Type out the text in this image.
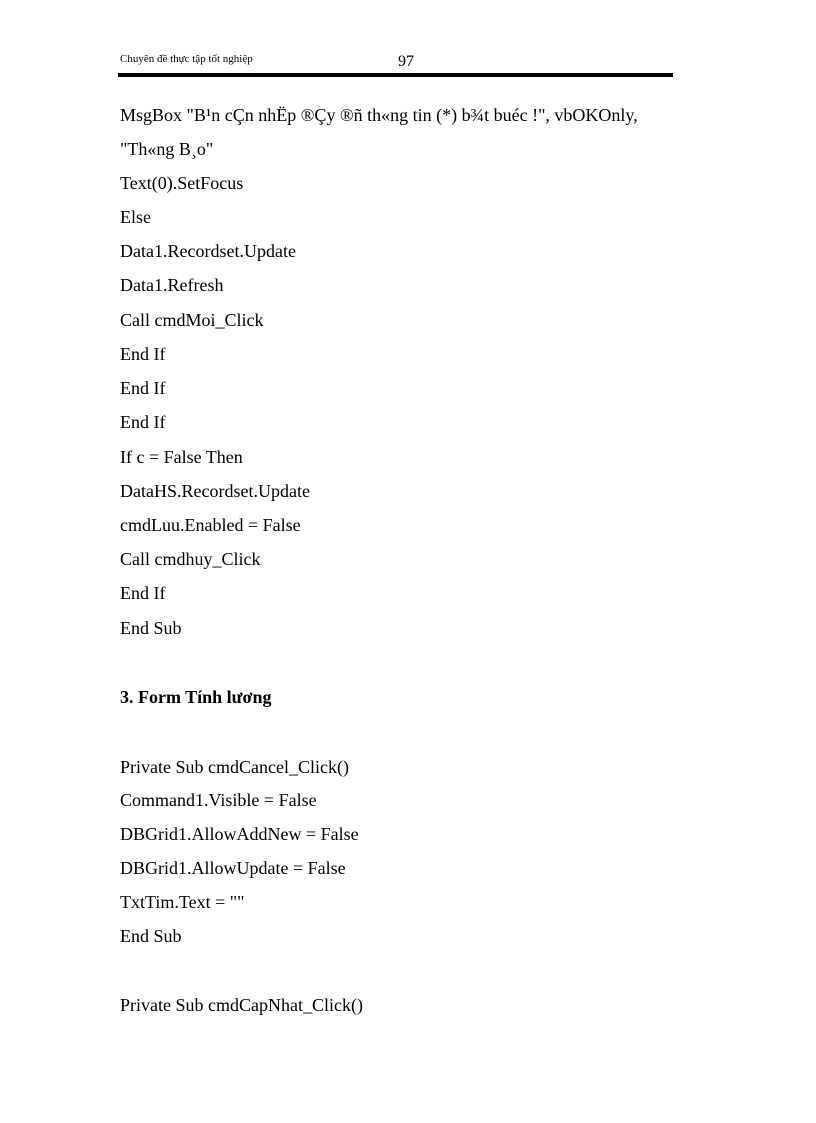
Chuyên đề thực tập tốt nghiệp	97
MsgBox "B¹n cÇn nhËp ®Çy ®ñ th«ng tin (*) b¾t buéc !", vbOKOnly,
"Th«ng B¸o"
Text(0).SetFocus
Else
Data1.Recordset.Update
Data1.Refresh
Call cmdMoi_Click
End If
End If
End If
If c = False Then
DataHS.Recordset.Update
cmdLuu.Enabled = False
Call cmdhuy_Click
End If
End Sub
3. Form Tính lương
Private Sub cmdCancel_Click()
Command1.Visible = False
DBGrid1.AllowAddNew = False
DBGrid1.AllowUpdate = False
TxtTim.Text = ""
End Sub
Private Sub cmdCapNhat_Click()
